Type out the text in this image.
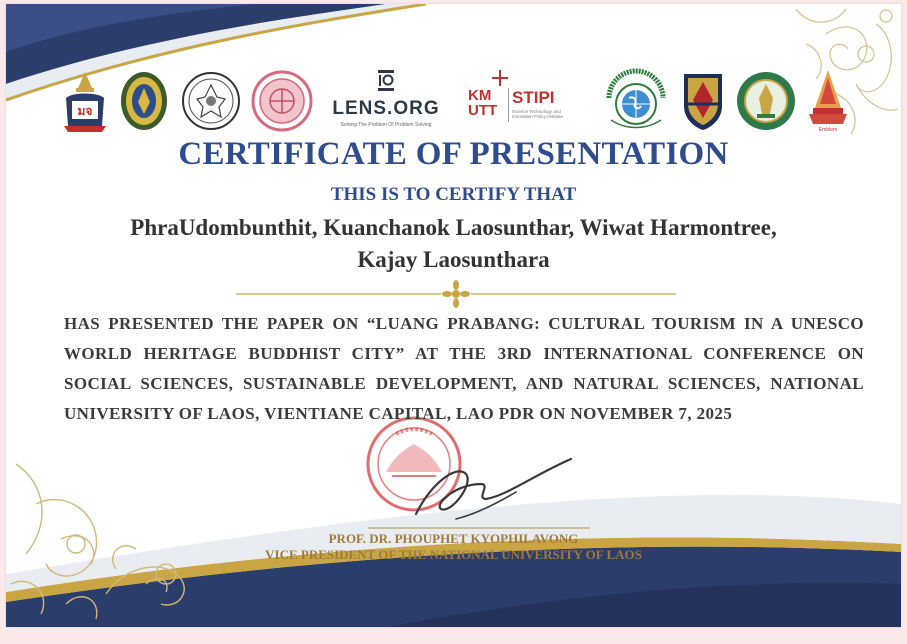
มจ	LENS.ORG
Solving The Problem Of Problem Solving
KM
UTT
STIPI
Science Technology and Innovation Policy Institute
Emblem
CERTIFICATE OF PRESENTATION
THIS IS TO CERTIFY THAT
PhraUdombunthit, Kuanchanok Laosunthar, Wiwat Harmontree,
Kajay Laosunthara
HAS PRESENTED THE PAPER ON “LUANG PRABANG: CULTURAL TOURISM IN A UNESCO WORLD HERITAGE BUDDHIST CITY” AT THE 3RD INTERNATIONAL CONFERENCE ON SOCIAL SCIENCES, SUSTAINABLE DEVELOPMENT, AND NATURAL SCIENCES, NATIONAL UNIVERSITY OF LAOS, VIENTIANE CAPITAL, LAO PDR ON NOVEMBER 7, 2025
PROF. DR. PHOUPHET KYOPHILAVONG
VICE PRESIDENT OF THE NATIONAL UNIVERSITY OF LAOS
